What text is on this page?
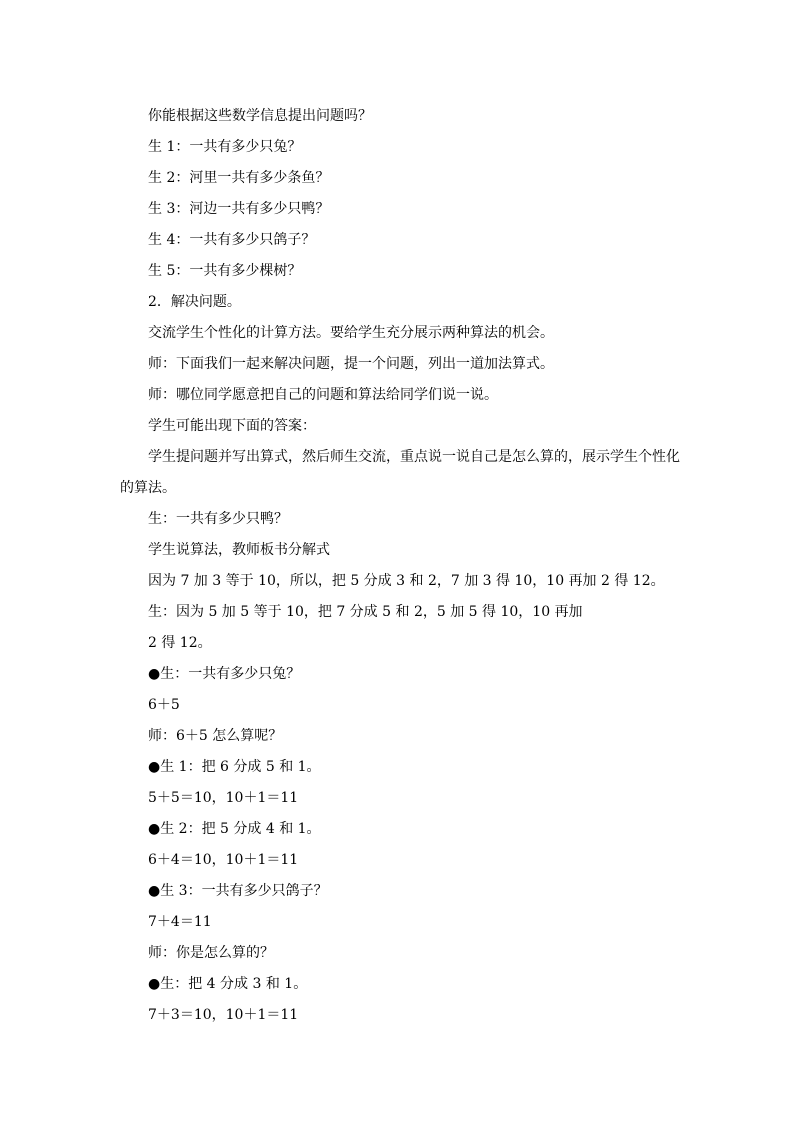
你能根据这些数学信息提出问题吗？
生 1：一共有多少只兔？
生 2：河里一共有多少条鱼？
生 3：河边一共有多少只鸭？
生 4：一共有多少只鸽子？
生 5：一共有多少棵树？
2．解决问题。
交流学生个性化的计算方法。要给学生充分展示两种算法的机会。
师：下面我们一起来解决问题，提一个问题，列出一道加法算式。
师：哪位同学愿意把自己的问题和算法给同学们说一说。
学生可能出现下面的答案：
学生提问题并写出算式，然后师生交流，重点说一说自己是怎么算的，展示学生个性化的算法。
生：一共有多少只鸭？
学生说算法，教师板书分解式
因为 7 加 3 等于 10，所以，把 5 分成 3 和 2，7 加 3 得 10，10 再加 2 得 12。
生：因为 5 加 5 等于 10，把 7 分成 5 和 2，5 加 5 得 10，10 再加
2 得 12。
●生：一共有多少只兔？
6＋5
师：6＋5 怎么算呢？
●生 1：把 6 分成 5 和 1。
5＋5＝10，10＋1＝11
●生 2：把 5 分成 4 和 1。
6＋4＝10，10＋1＝11
●生 3：一共有多少只鸽子？
7＋4＝11
师：你是怎么算的？
●生：把 4 分成 3 和 1。
7＋3＝10，10＋1＝11
